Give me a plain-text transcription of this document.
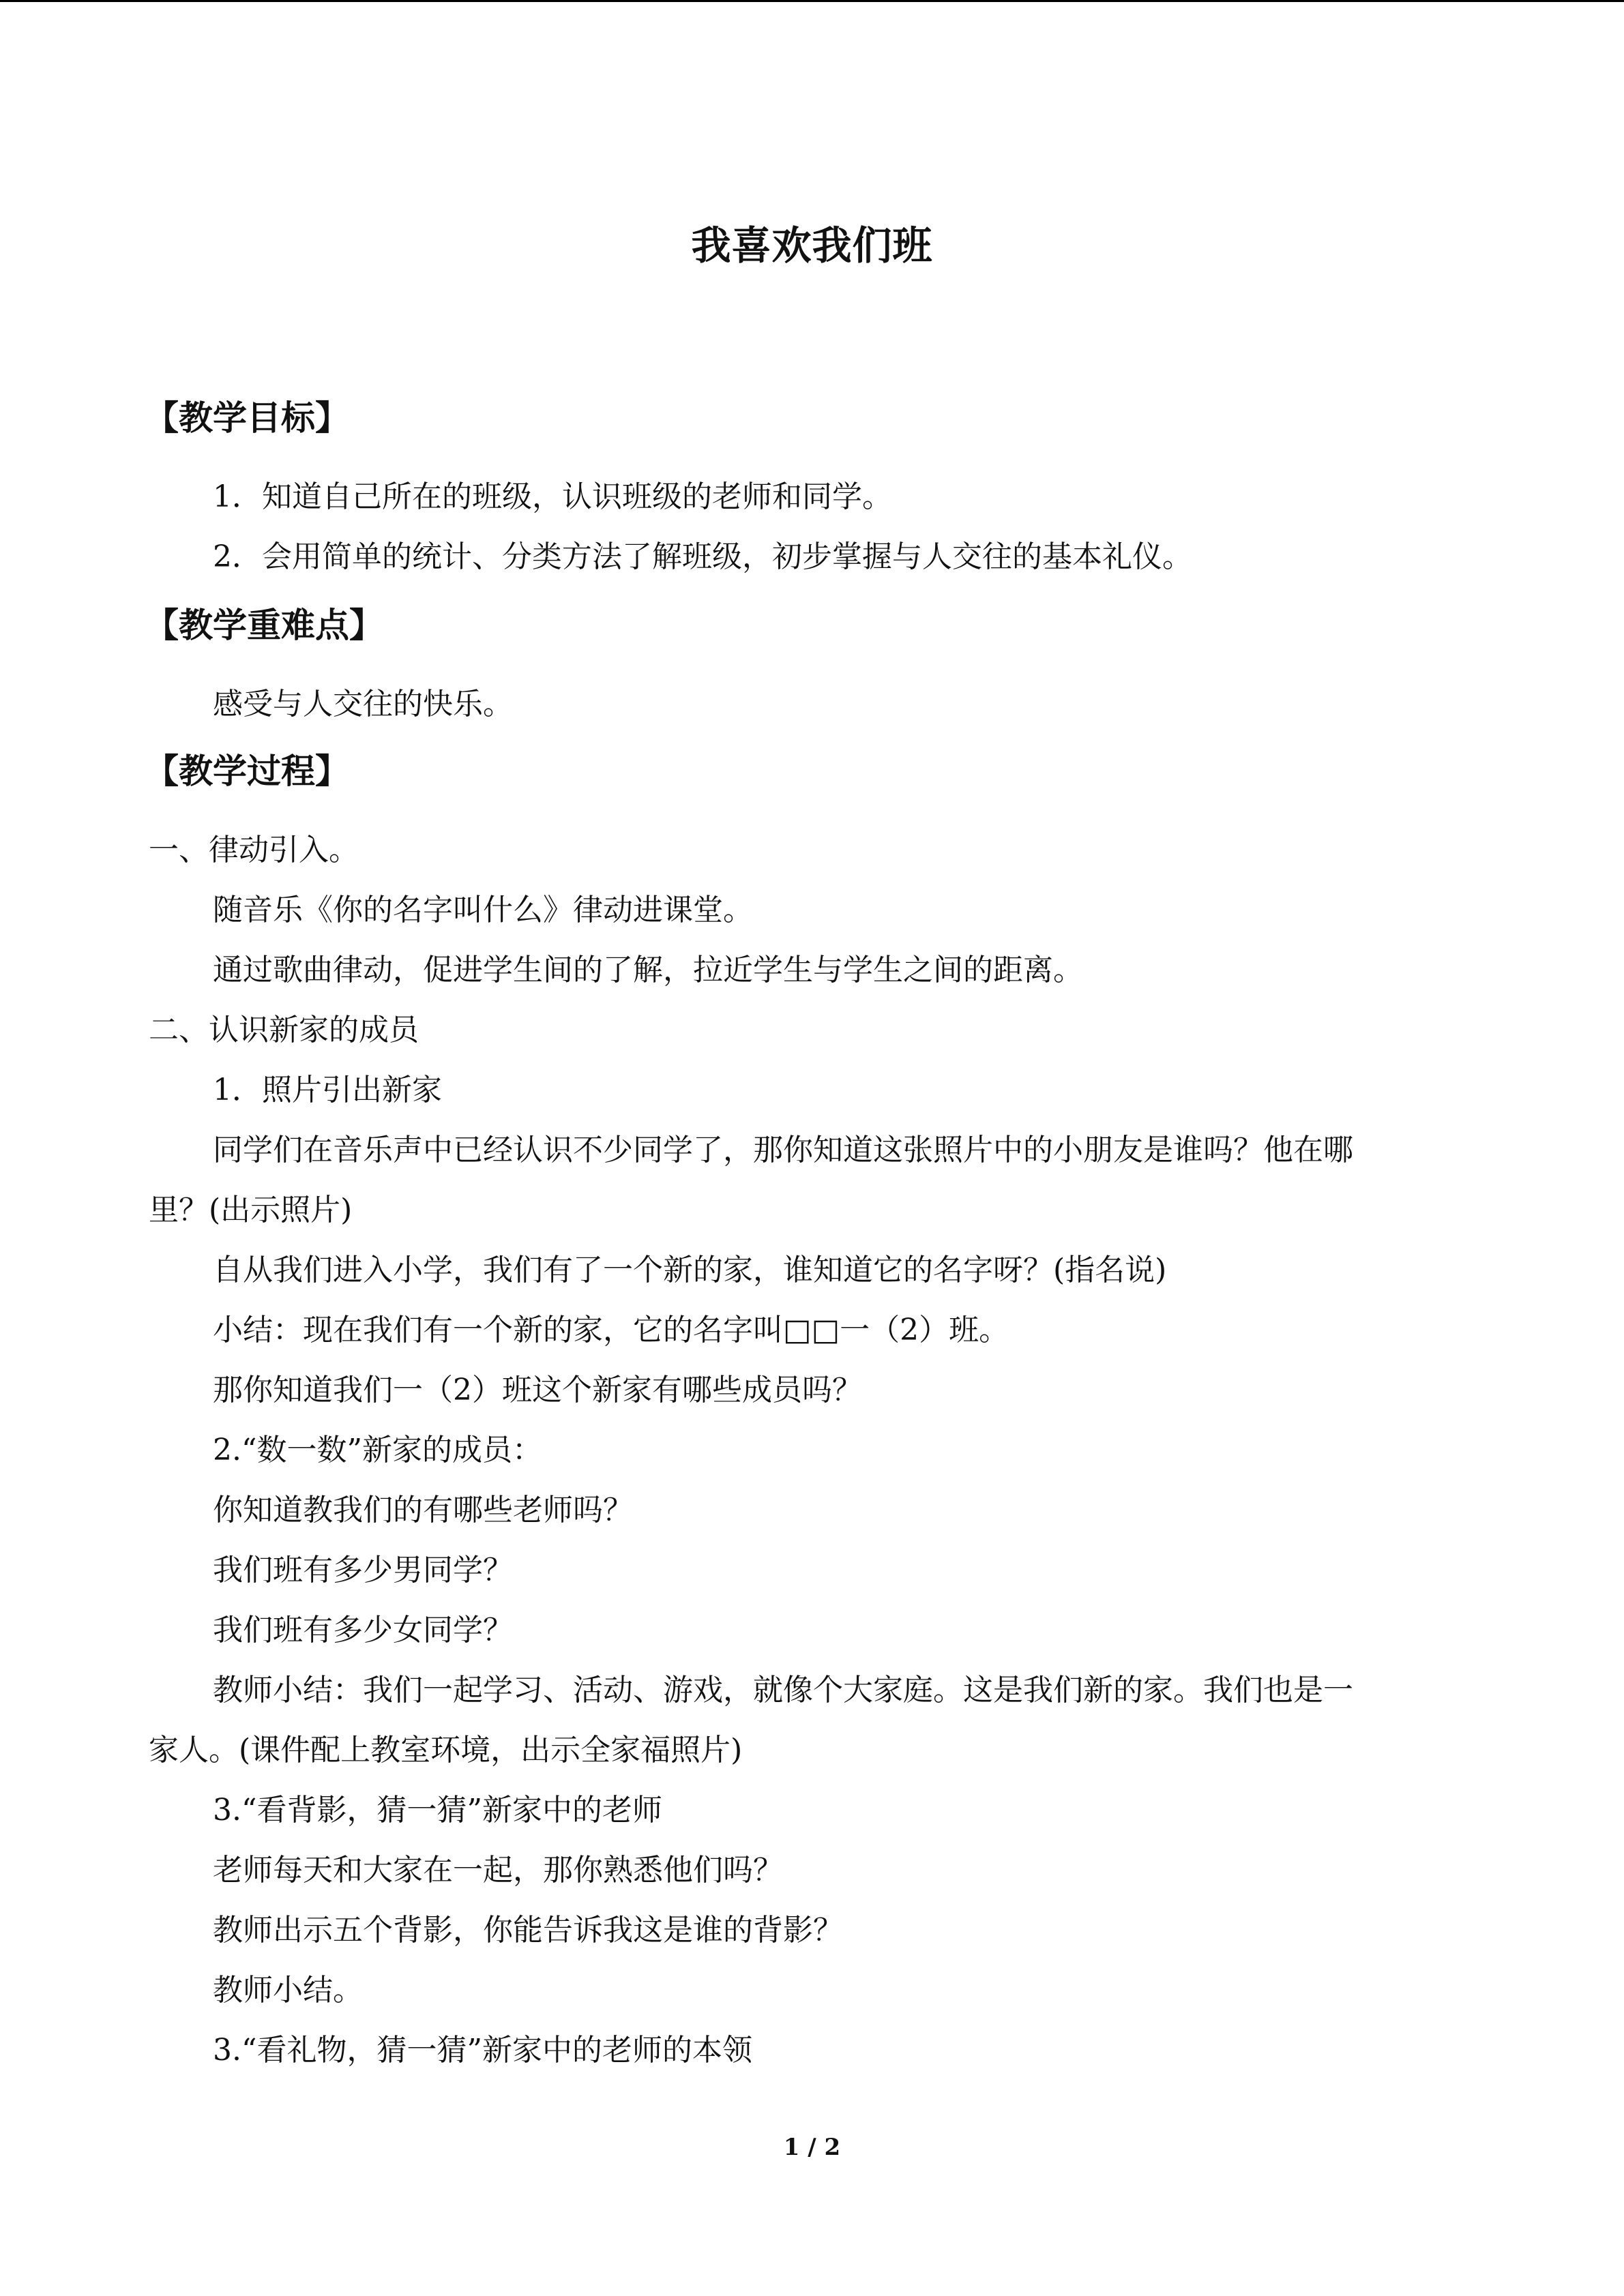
我喜欢我们班
【教学目标】
1．知道自己所在的班级，认识班级的老师和同学。
2．会用简单的统计、分类方法了解班级，初步掌握与人交往的基本礼仪。
【教学重难点】
感受与人交往的快乐。
【教学过程】
一、律动引入。
随音乐《你的名字叫什么》律动进课堂。
通过歌曲律动，促进学生间的了解，拉近学生与学生之间的距离。
二、认识新家的成员
1．照片引出新家
同学们在音乐声中已经认识不少同学了，那你知道这张照片中的小朋友是谁吗？他在哪
里？(出示照片)
自从我们进入小学，我们有了一个新的家，谁知道它的名字呀？(指名说)
小结：现在我们有一个新的家，它的名字叫□□一（2）班。
那你知道我们一（2）班这个新家有哪些成员吗？
2.“数一数”新家的成员：
你知道教我们的有哪些老师吗？
我们班有多少男同学？
我们班有多少女同学？
教师小结：我们一起学习、活动、游戏，就像个大家庭。这是我们新的家。我们也是一
家人。(课件配上教室环境，出示全家福照片)
3.“看背影，猜一猜”新家中的老师
老师每天和大家在一起，那你熟悉他们吗？
教师出示五个背影，你能告诉我这是谁的背影？
教师小结。
3.“看礼物，猜一猜”新家中的老师的本领
1 / 2
